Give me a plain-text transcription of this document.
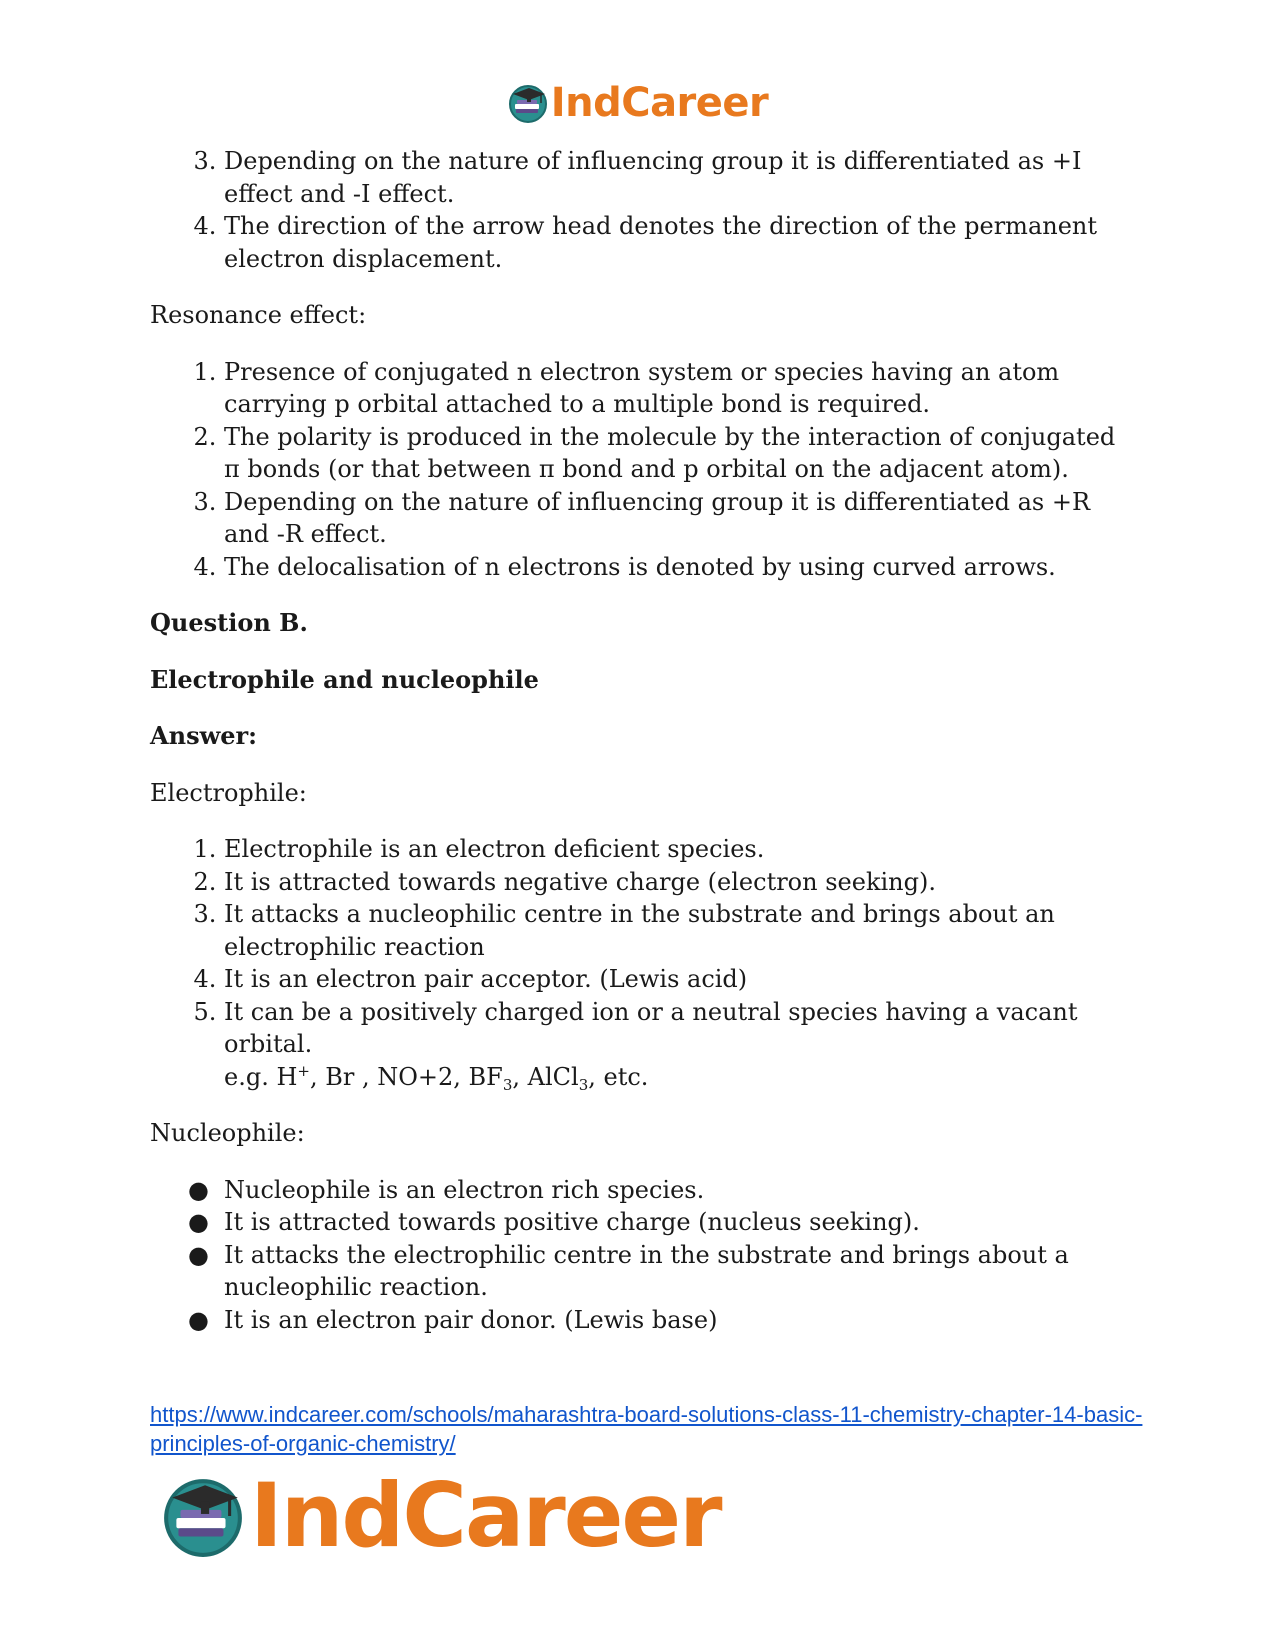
IndCareer
3. Depending on the nature of influencing group it is differentiated as +I effect and -I effect.
4. The direction of the arrow head denotes the direction of the permanent electron displacement.

Resonance effect:

1. Presence of conjugated n electron system or species having an atom carrying p orbital attached to a multiple bond is required.
2. The polarity is produced in the molecule by the interaction of conjugated π bonds (or that between π bond and p orbital on the adjacent atom).
3. Depending on the nature of influencing group it is differentiated as +R and -R effect.
4. The delocalisation of n electrons is denoted by using curved arrows.

Question B.

Electrophile and nucleophile

Answer:

Electrophile:

1. Electrophile is an electron deficient species.
2. It is attracted towards negative charge (electron seeking).
3. It attacks a nucleophilic centre in the substrate and brings about an electrophilic reaction
4. It is an electron pair acceptor. (Lewis acid)
5. It can be a positively charged ion or a neutral species having a vacant orbital.
e.g. H+, Br , NO+2, $BF_3$, AlCl$_3$, etc.

Nucleophile:

● Nucleophile is an electron rich species.
● It is attracted towards positive charge (nucleus seeking).
● It attacks the electrophilic centre in the substrate and brings about a nucleophilic reaction.
● It is an electron pair donor. (Lewis base)
https://www.indcareer.com/schools/maharashtra-board-solutions-class-11-chemistry-chapter-14-basic-principles-of-organic-chemistry/
IndCareer
